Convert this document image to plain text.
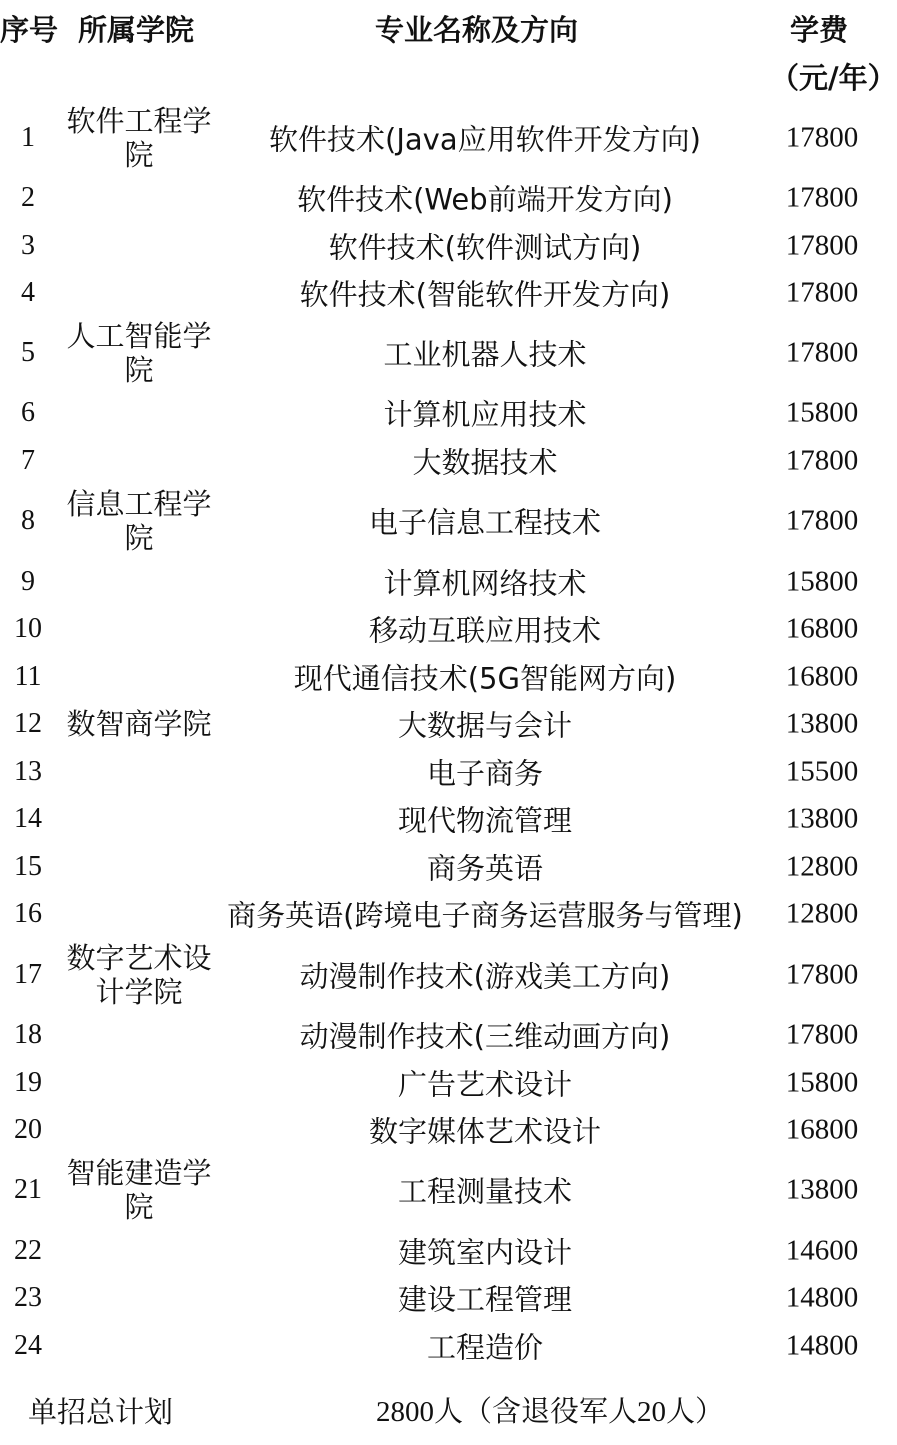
序号 所属学院	专业名称及方向	学费
（元/年）
1	软件工程学院	软件技术(Java应用软件开发方向)	17800
2	软件技术(Web前端开发方向)	17800
3	软件技术(软件测试方向)	17800
4	软件技术(智能软件开发方向)	17800
5	人工智能学院	工业机器人技术	17800
6	计算机应用技术	15800
7	大数据技术	17800
8	信息工程学院	电子信息工程技术	17800
9	计算机网络技术	15800
10	移动互联应用技术	16800
11	现代通信技术(5G智能网方向)	16800
12 数智商学院	大数据与会计	13800
13	电子商务	15500
14	现代物流管理	13800
15	商务英语	12800
16	商务英语(跨境电子商务运营服务与管理)	12800
17 数字艺术设计学院	动漫制作技术(游戏美工方向)	17800
18	动漫制作技术(三维动画方向)	17800
19	广告艺术设计	15800
20	数字媒体艺术设计	16800
21 智能建造学院	工程测量技术	13800
22	建筑室内设计	14600
23	建设工程管理	14800
24	工程造价	14800
单招总计划	2800人（含退役军人20人）
